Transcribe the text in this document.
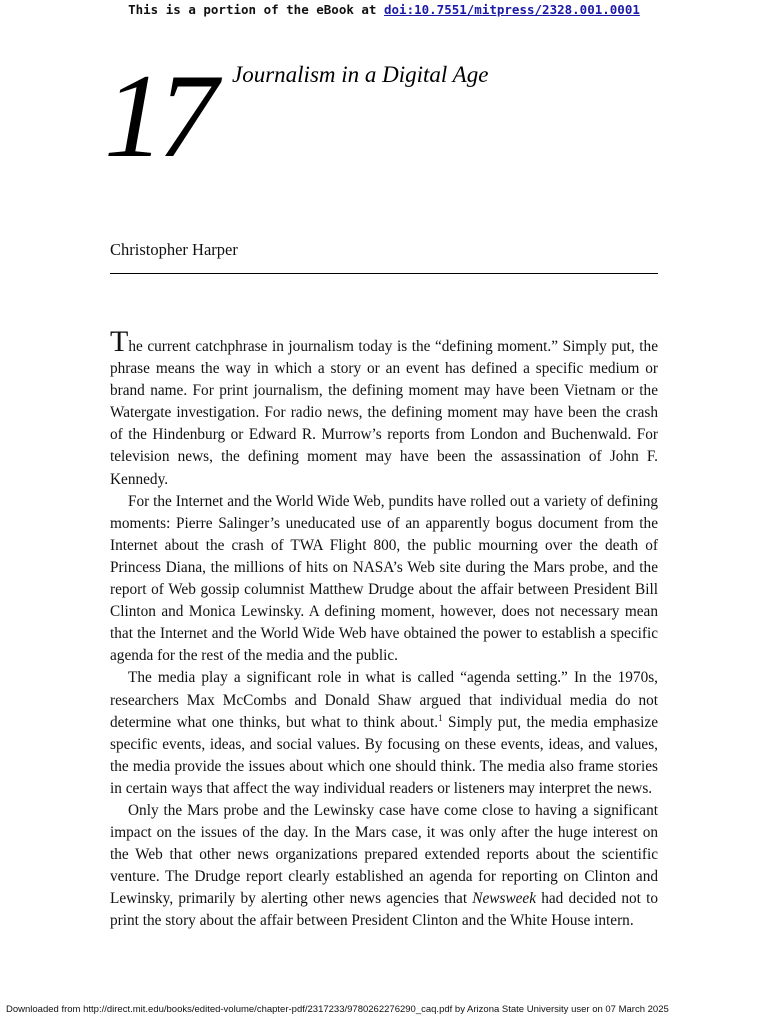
This is a portion of the eBook at doi:10.7551/mitpress/2328.001.0001
17 Journalism in a Digital Age
Christopher Harper

The current catchphrase in journalism today is the “defining moment.” Simply put, the phrase means the way in which a story or an event has defined a specific medium or brand name. For print journalism, the defining moment may have been Vietnam or the Watergate investigation. For radio news, the defining moment may have been the crash of the Hindenburg or Edward R. Murrow’s reports from London and Buchenwald. For television news, the defining moment may have been the assassination of John F. Kennedy.

For the Internet and the World Wide Web, pundits have rolled out a variety of defining moments: Pierre Salinger’s uneducated use of an apparently bogus document from the Internet about the crash of TWA Flight 800, the public mourning over the death of Princess Diana, the millions of hits on NASA’s Web site during the Mars probe, and the report of Web gossip columnist Matthew Drudge about the affair between President Bill Clinton and Monica Lewinsky. A defining moment, however, does not necessary mean that the Internet and the World Wide Web have obtained the power to establish a specific agenda for the rest of the media and the public.

The media play a significant role in what is called “agenda setting.” In the 1970s, researchers Max McCombs and Donald Shaw argued that individual media do not determine what one thinks, but what to think about.$^1$ Simply put, the media emphasize specific events, ideas, and social values. By focusing on these events, ideas, and values, the media provide the issues about which one should think. The media also frame stories in certain ways that affect the way individual readers or listeners may interpret the news.

Only the Mars probe and the Lewinsky case have come close to having a significant impact on the issues of the day. In the Mars case, it was only after the huge interest on the Web that other news organizations prepared extended reports about the scientific venture. The Drudge report clearly established an agenda for reporting on Clinton and Lewinsky, primarily by alerting other news agencies that Newsweek had decided not to print the story about the affair between President Clinton and the White House intern.

Downloaded from http://direct.mit.edu/books/edited-volume/chapter-pdf/2317233/9780262276290_caq.pdf by Arizona State University user on 07 March 2025
